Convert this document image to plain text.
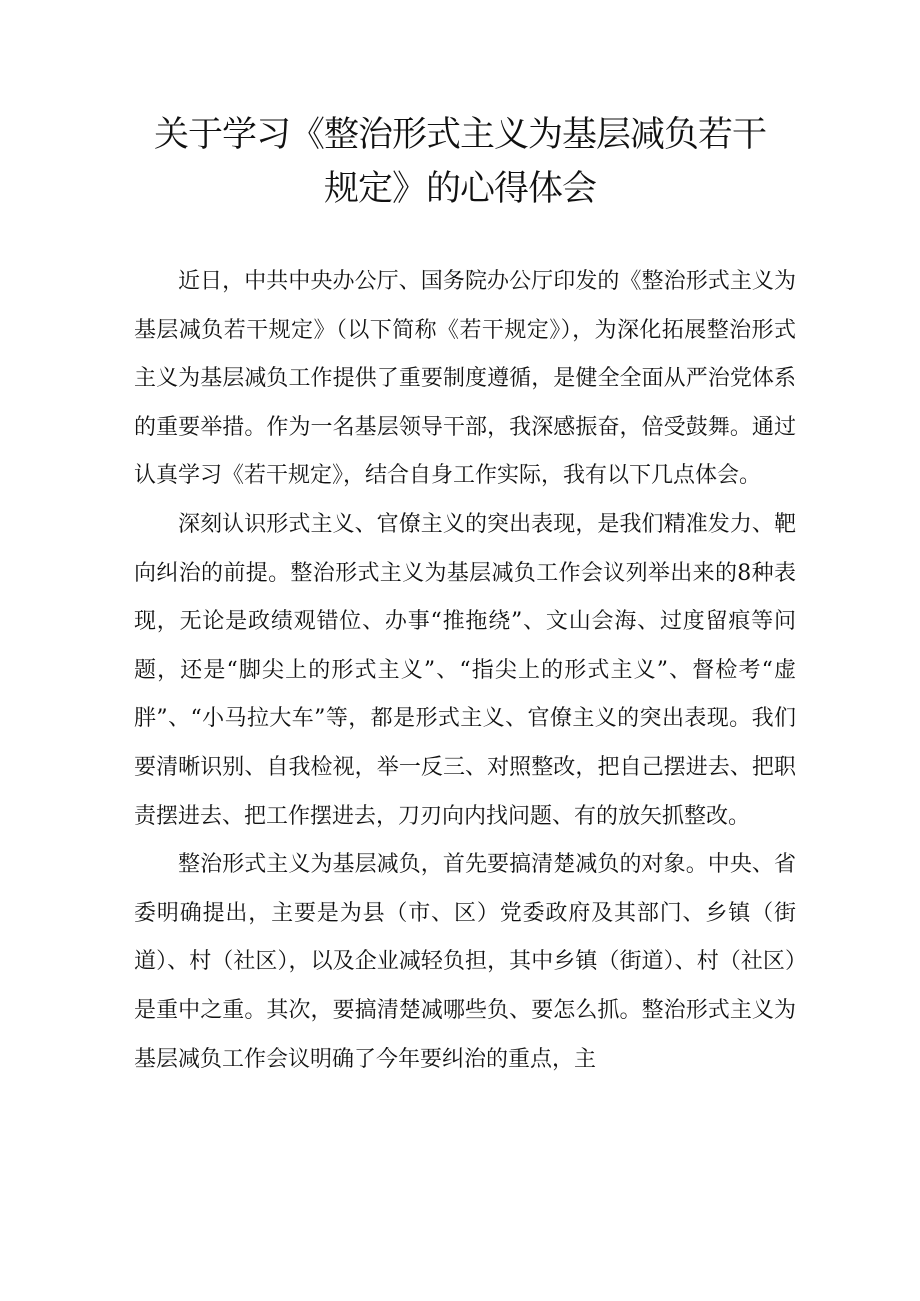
关于学习《整治形式主义为基层减负若干
规定》的心得体会

近日，中共中央办公厅、国务院办公厅印发的《整治形式主义为基层减负若干规定》（以下简称《若干规定》），为深化拓展整治形式主义为基层减负工作提供了重要制度遵循，是健全全面从严治党体系的重要举措。作为一名基层领导干部，我深感振奋，倍受鼓舞。通过认真学习《若干规定》，结合自身工作实际，我有以下几点体会。

深刻认识形式主义、官僚主义的突出表现，是我们精准发力、靶向纠治的前提。整治形式主义为基层减负工作会议列举出来的8种表现，无论是政绩观错位、办事“推拖绕”、文山会海、过度留痕等问题，还是“脚尖上的形式主义”、“指尖上的形式主义”、督检考“虚胖”、“小马拉大车”等，都是形式主义、官僚主义的突出表现。我们要清晰识别、自我检视，举一反三、对照整改，把自己摆进去、把职责摆进去、把工作摆进去，刀刃向内找问题、有的放矢抓整改。

整治形式主义为基层减负，首先要搞清楚减负的对象。中央、省委明确提出，主要是为县（市、区）党委政府及其部门、乡镇（街道）、村（社区），以及企业减轻负担，其中乡镇（街道）、村（社区）是重中之重。其次，要搞清楚减哪些负、要怎么抓。整治形式主义为基层减负工作会议明确了今年要纠治的重点，主
